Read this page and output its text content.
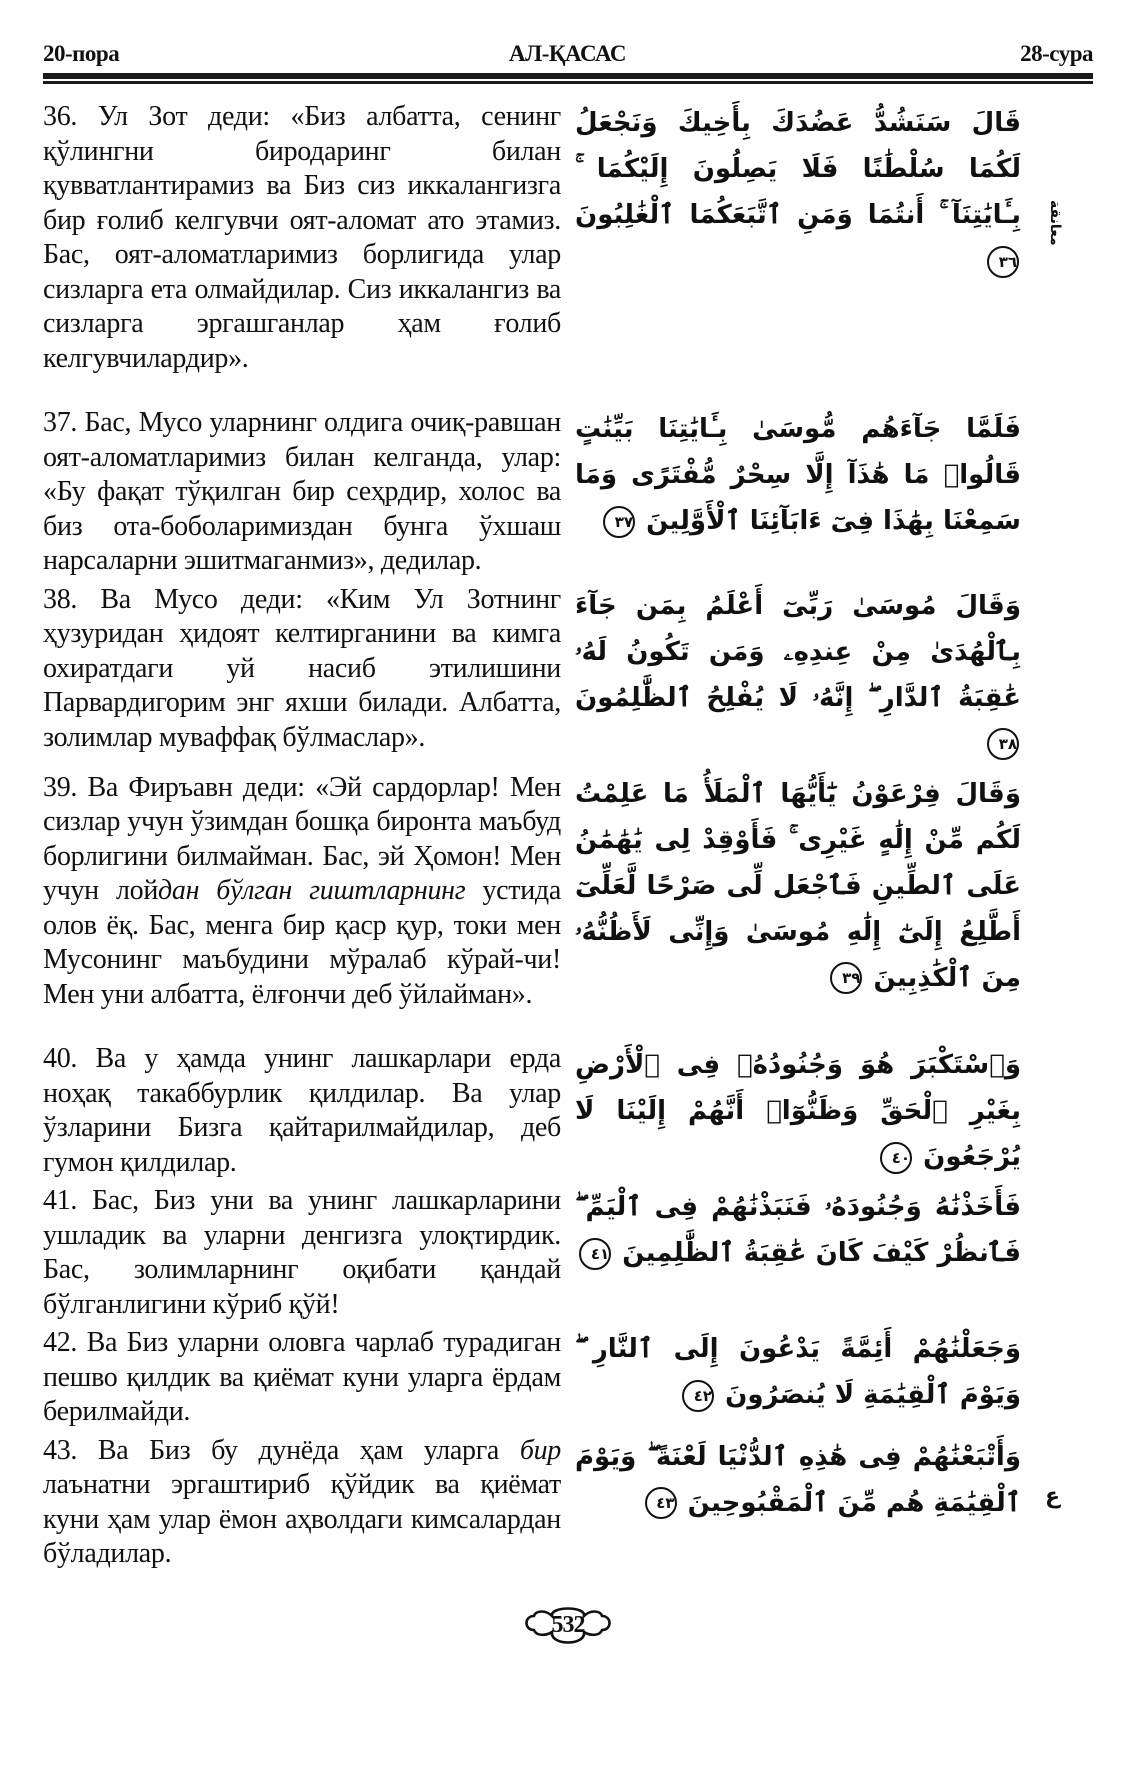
20-пора	АЛ-ҚАСАС	28-сура
36. Ул Зот деди: «Биз албатта, сенинг қўлингни биродаринг билан қувватлантирамиз ва Биз сиз иккалангизга бир ғолиб келгувчи оят-аломат ато этамиз. Бас, оят-аломатларимиз борлигида улар сизларга ета олмайдилар. Сиз иккалангиз ва сизларга эргашганлар ҳам ғолиб келгувчилардир».
قَالَ سَنَشُدُّ عَضُدَكَ بِأَخِيكَ وَنَجْعَلُ لَكُمَا سُلْطَٰنًا فَلَا يَصِلُونَ إِلَيْكُمَا ۚ بِـَٔايَٰتِنَآ ۚ أَنتُمَا وَمَنِ ٱتَّبَعَكُمَا ٱلْغَٰلِبُونَ ٣٦
معانقة
37. Бас, Мусо уларнинг олдига очиқ-равшан оят-аломатларимиз билан келганда, улар: «Бу фақат тўқилган бир сеҳрдир, холос ва биз ота-боболаримиздан бунга ўхшаш нарсаларни эшитмаганмиз», дедилар.
فَلَمَّا جَآءَهُم مُّوسَىٰ بِـَٔايَٰتِنَا بَيِّنَٰتٍ قَالُوا۟ مَا هَٰذَآ إِلَّا سِحْرٌ مُّفْتَرًى وَمَا سَمِعْنَا بِهَٰذَا فِىٓ ءَابَآئِنَا ٱلْأَوَّلِينَ ٣٧
38. Ва Мусо деди: «Ким Ул Зотнинг ҳузуридан ҳидоят келтирганини ва кимга охиратдаги уй насиб этилишини Парвардигорим энг яхши билади. Албатта, золимлар муваффақ бўлмаслар».
وَقَالَ مُوسَىٰ رَبِّىٓ أَعْلَمُ بِمَن جَآءَ بِٱلْهُدَىٰ مِنْ عِندِهِۦ وَمَن تَكُونُ لَهُۥ عَٰقِبَةُ ٱلدَّارِ ۖ إِنَّهُۥ لَا يُفْلِحُ ٱلظَّٰلِمُونَ ٣٨
39. Ва Фиръавн деди: «Эй сардорлар! Мен сизлар учун ўзимдан бошқа биронта маъбуд борлигини билмайман. Бас, эй Ҳомон! Мен учун лойдан бўлган гиштларнинг устида олов ёқ. Бас, менга бир қаср қур, токи мен Мусонинг маъбудини мўралаб кўрай-чи! Мен уни албатта, ёлғончи деб ўйлайман».
وَقَالَ فِرْعَوْنُ يَٰٓأَيُّهَا ٱلْمَلَأُ مَا عَلِمْتُ لَكُم مِّنْ إِلَٰهٍ غَيْرِى ۚ فَأَوْقِدْ لِى يَٰهَٰمَٰنُ عَلَى ٱلطِّينِ فَٱجْعَل لِّى صَرْحًا لَّعَلِّىٓ أَطَّلِعُ إِلَىٰٓ إِلَٰهِ مُوسَىٰ وَإِنِّى لَأَظُنُّهُۥ مِنَ ٱلْكَٰذِبِينَ ٣٩
40. Ва у ҳамда унинг лашкарлари ерда ноҳақ такаббурлик қилдилар. Ва улар ўзларини Бизга қайтарилмайдилар, деб гумон қилдилар.
وَٱسْتَكْبَرَ هُوَ وَجُنُودُهُۥ فِى ٱلْأَرْضِ بِغَيْرِ ٱلْحَقِّ وَظَنُّوٓا۟ أَنَّهُمْ إِلَيْنَا لَا يُرْجَعُونَ ٤٠
41. Бас, Биз уни ва унинг лашкарларини ушладик ва уларни денгизга улоқтирдик. Бас, золимларнинг оқибати қандай бўлганлигини кўриб қўй!
فَأَخَذْنَٰهُ وَجُنُودَهُۥ فَنَبَذْنَٰهُمْ فِى ٱلْيَمِّ ۖ فَٱنظُرْ كَيْفَ كَانَ عَٰقِبَةُ ٱلظَّٰلِمِينَ ٤١
42. Ва Биз уларни оловга чарлаб турадиган пешво қилдик ва қиёмат куни уларга ёрдам берилмайди.
وَجَعَلْنَٰهُمْ أَئِمَّةً يَدْعُونَ إِلَى ٱلنَّارِ ۖ وَيَوْمَ ٱلْقِيَٰمَةِ لَا يُنصَرُونَ ٤٢
43. Ва Биз бу дунёда ҳам уларга бир лаънатни эргаштириб қўйдик ва қиёмат куни ҳам улар ёмон аҳволдаги кимсалардан бўладилар.
وَأَتْبَعْنَٰهُمْ فِى هَٰذِهِ ٱلدُّنْيَا لَعْنَةً ۖ وَيَوْمَ ٱلْقِيَٰمَةِ هُم مِّنَ ٱلْمَقْبُوحِينَ ٤٣	ع
532
